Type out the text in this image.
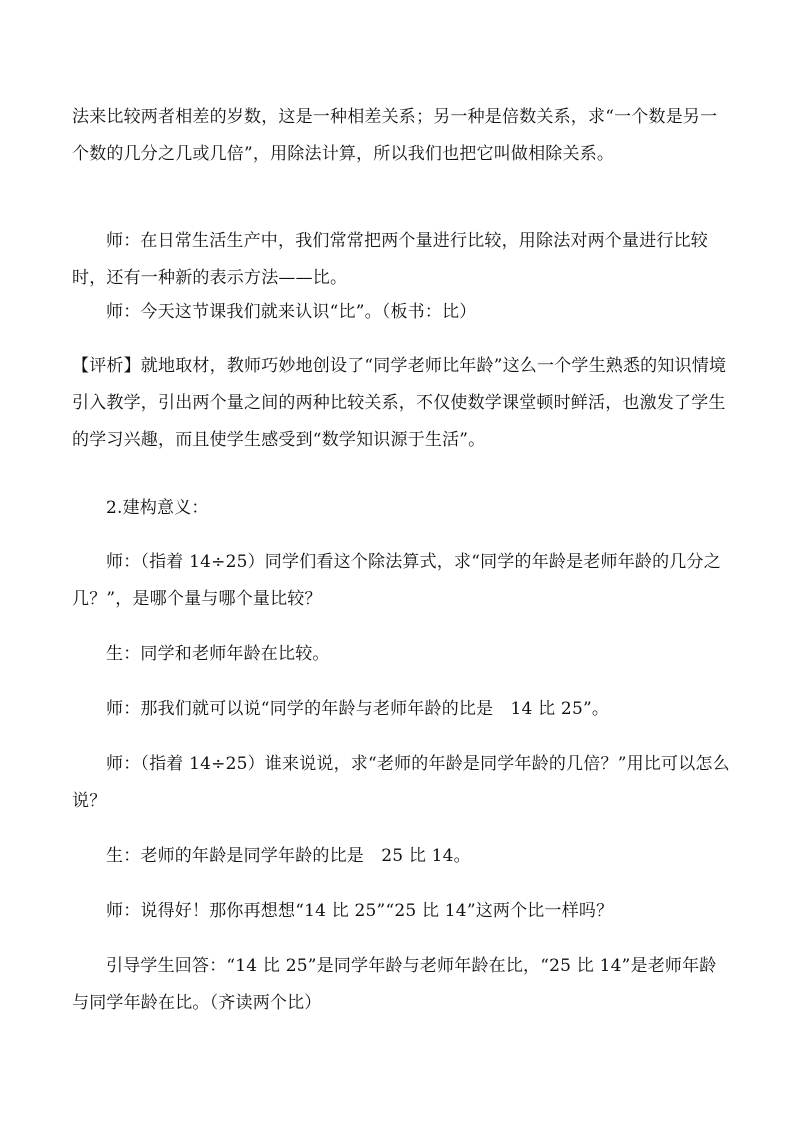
法来比较两者相差的岁数，这是一种相差关系；另一种是倍数关系，求“一个数是另一个数的几分之几或几倍”，用除法计算，所以我们也把它叫做相除关系。

师：在日常生活生产中，我们常常把两个量进行比较，用除法对两个量进行比较时，还有一种新的表示方法——比。

师：今天这节课我们就来认识“比”。（板书：比）

【评析】就地取材，教师巧妙地创设了“同学老师比年龄”这么一个学生熟悉的知识情境引入教学，引出两个量之间的两种比较关系，不仅使数学课堂顿时鲜活，也激发了学生的学习兴趣，而且使学生感受到“数学知识源于生活”。

2.建构意义：

师：（指着 14÷25）同学们看这个除法算式，求“同学的年龄是老师年龄的几分之几？”，是哪个量与哪个量比较？

生：同学和老师年龄在比较。

师：那我们就可以说“同学的年龄与老师年龄的比是　14 比 25”。

师：（指着 14÷25）谁来说说，求“老师的年龄是同学年龄的几倍？”用比可以怎么说？

生：老师的年龄是同学年龄的比是　25 比 14。

师：说得好！那你再想想“14 比 25”“25 比 14”这两个比一样吗？

引导学生回答：“14 比 25”是同学年龄与老师年龄在比，“25 比 14”是老师年龄与同学年龄在比。（齐读两个比）
